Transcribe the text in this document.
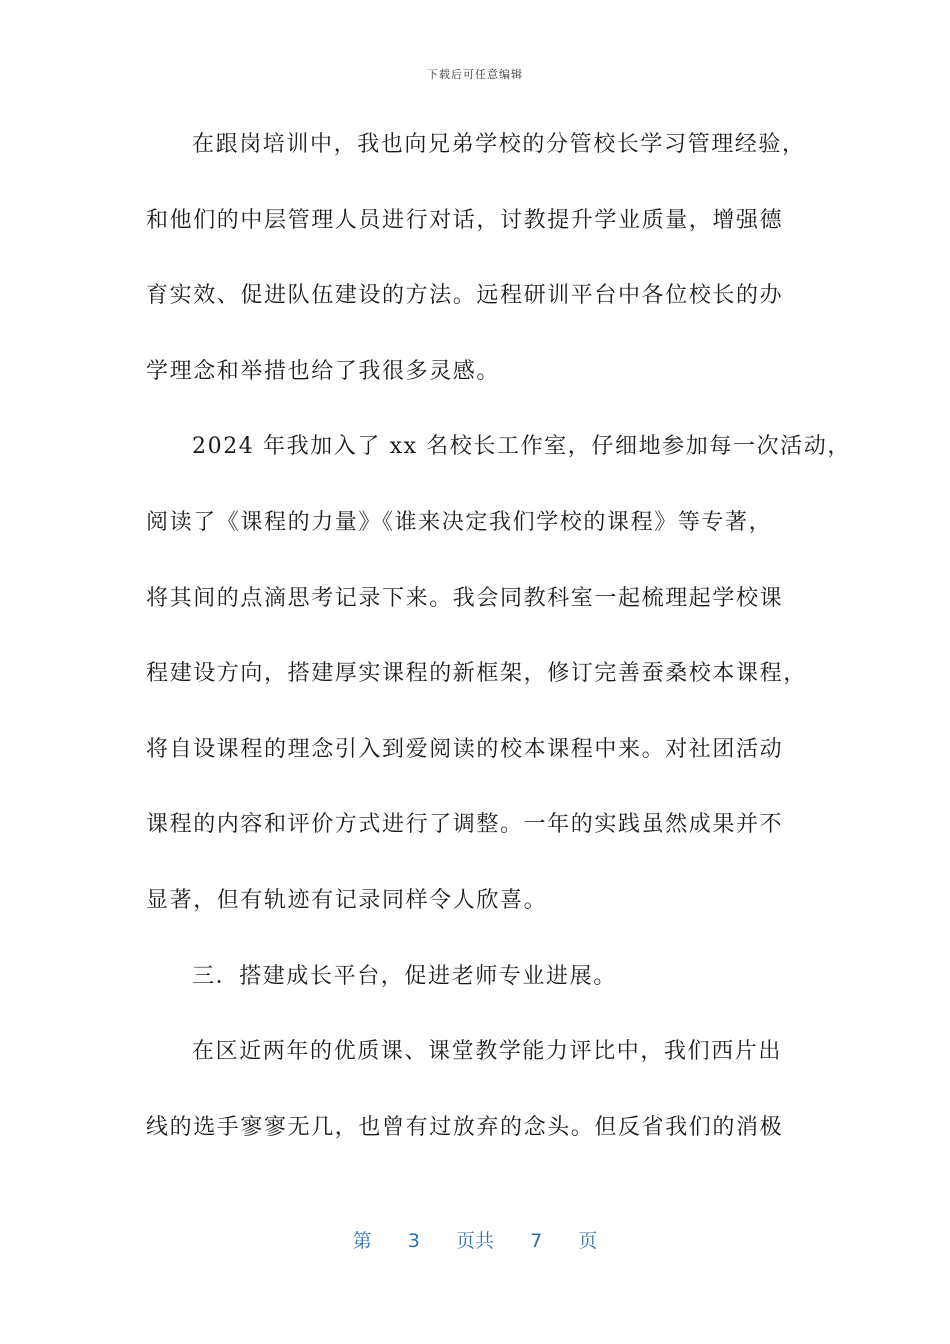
下载后可任意编辑
在跟岗培训中，我也向兄弟学校的分管校长学习管理经验，
和他们的中层管理人员进行对话，讨教提升学业质量，增强德
育实效、促进队伍建设的方法。远程研训平台中各位校长的办
学理念和举措也给了我很多灵感。
2024 年我加入了 xx 名校长工作室，仔细地参加每一次活动，
阅读了《课程的力量》《谁来决定我们学校的课程》等专著，
将其间的点滴思考记录下来。我会同教科室一起梳理起学校课
程建设方向，搭建厚实课程的新框架，修订完善蚕桑校本课程，
将自设课程的理念引入到爱阅读的校本课程中来。对社团活动
课程的内容和评价方式进行了调整。一年的实践虽然成果并不
显著，但有轨迹有记录同样令人欣喜。
三．搭建成长平台，促进老师专业进展。
在区近两年的优质课、课堂教学能力评比中，我们西片出
线的选手寥寥无几，也曾有过放弃的念头。但反省我们的消极
第 3 页共 7 页
